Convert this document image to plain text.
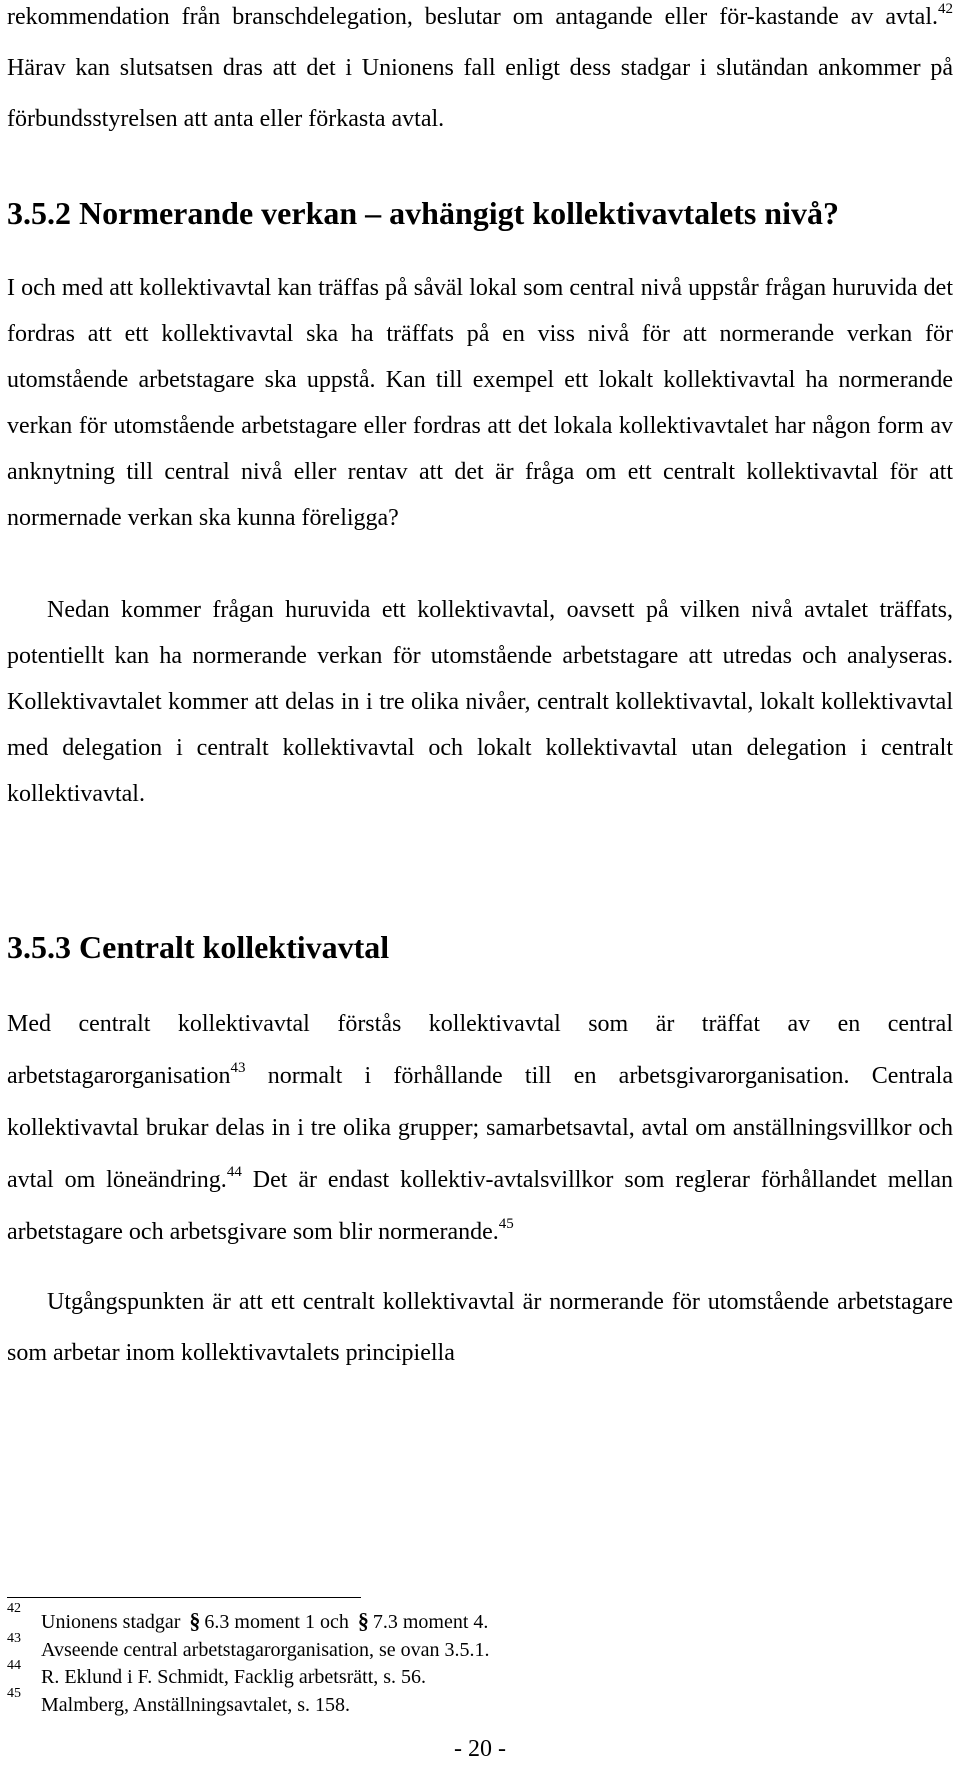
rekommendation från branschdelegation, beslutar om antagande eller för-kastande av avtal.$^{42}$ Härav kan slutsatsen dras att det i Unionens fall enligt dess stadgar i slutändan ankommer på förbundsstyrelsen att anta eller förkasta avtal.

3.5.2 Normerande verkan – avhängigt kollektivavtalets nivå?

I och med att kollektivavtal kan träffas på såväl lokal som central nivå uppstår frågan huruvida det fordras att ett kollektivavtal ska ha träffats på en viss nivå för att normerande verkan för utomstående arbetstagare ska uppstå. Kan till exempel ett lokalt kollektivavtal ha normerande verkan för utomstående arbetstagare eller fordras att det lokala kollektivavtalet har någon form av anknytning till central nivå eller rentav att det är fråga om ett centralt kollektivavtal för att normernade verkan ska kunna föreligga?

Nedan kommer frågan huruvida ett kollektivavtal, oavsett på vilken nivå avtalet träffats, potentiellt kan ha normerande verkan för utomstående arbetstagare att utredas och analyseras. Kollektivavtalet kommer att delas in i tre olika nivåer, centralt kollektivavtal, lokalt kollektivavtal med delegation i centralt kollektivavtal och lokalt kollektivavtal utan delegation i centralt kollektivavtal.

3.5.3 Centralt kollektivavtal

Med centralt kollektivavtal förstås kollektivavtal som är träffat av en central arbetstagarorganisation$^{43}$ normalt i förhållande till en arbetsgivarorganisation. Centrala kollektivavtal brukar delas in i tre olika grupper; samarbetsavtal, avtal om anställningsvillkor och avtal om löneändring.$^{44}$ Det är endast kollektiv-avtalsvillkor som reglerar förhållandet mellan arbetstagare och arbetsgivare som blir normerande.$^{45}$

Utgångspunkten är att ett centralt kollektivavtal är normerande för utomstående arbetstagare som arbetar inom kollektivavtalets principiella

42
Unionens stadgar § 6.3 moment 1 och § 7.3 moment 4.
43
Avseende central arbetstagarorganisation, se ovan 3.5.1.
44
R. Eklund i F. Schmidt, Facklig arbetsrätt, s. 56.
45
Malmberg, Anställningsavtalet, s. 158.
- 20 -
